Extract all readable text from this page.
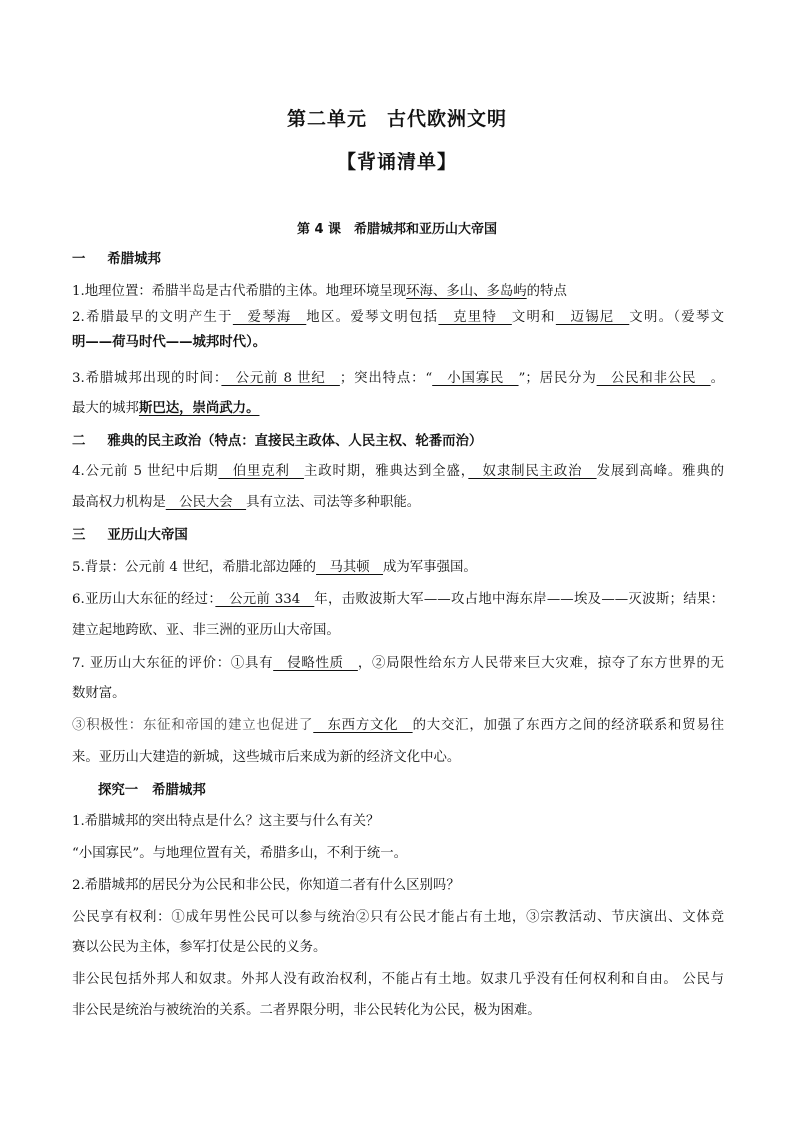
第二单元　古代欧洲文明
【背诵清单】
第 4 课　希腊城邦和亚历山大帝国
一 希腊城邦
1.地理位置：希腊半岛是古代希腊的主体。地理环境呈现环海、多山、多岛屿的特点
2.希腊最早的文明产生于　爱琴海　地区。爱琴文明包括　克里特　文明和　迈锡尼　文明。（爱琴文
明——荷马时代——城邦时代）。
3.希腊城邦出现的时间：　公元前 8 世纪　；突出特点：“　小国寡民　”；居民分为　公民和非公民　。
最大的城邦斯巴达，崇尚武力。
二 雅典的民主政治（特点：直接民主政体、人民主权、轮番而治）
4.公元前 5 世纪中后期　伯里克利　主政时期，雅典达到全盛，　奴隶制民主政治　发展到高峰。雅典的
最高权力机构是　公民大会　具有立法、司法等多种职能。
三 亚历山大帝国
5.背景：公元前 4 世纪，希腊北部边陲的　马其顿　成为军事强国。
6.亚历山大东征的经过：　公元前 334　年，击败波斯大军——攻占地中海东岸——埃及——灭波斯；结果：
建立起地跨欧、亚、非三洲的亚历山大帝国。
7. 亚历山大东征的评价：①具有　侵略性质　，②局限性给东方人民带来巨大灾难，掠夺了东方世界的无
数财富。
③积极性：东征和帝国的建立也促进了　东西方文化　的大交汇，加强了东西方之间的经济联系和贸易往
来。亚历山大建造的新城，这些城市后来成为新的经济文化中心。
探究一 希腊城邦
1.希腊城邦的突出特点是什么？这主要与什么有关？
“小国寡民”。与地理位置有关，希腊多山，不利于统一。
2.希腊城邦的居民分为公民和非公民，你知道二者有什么区别吗？
公民享有权利：①成年男性公民可以参与统治②只有公民才能占有土地，③宗教活动、节庆演出、文体竞
赛以公民为主体，参军打仗是公民的义务。
非公民包括外邦人和奴隶。外邦人没有政治权利，不能占有土地。奴隶几乎没有任何权利和自由。 公民与
非公民是统治与被统治的关系。二者界限分明，非公民转化为公民，极为困难。
